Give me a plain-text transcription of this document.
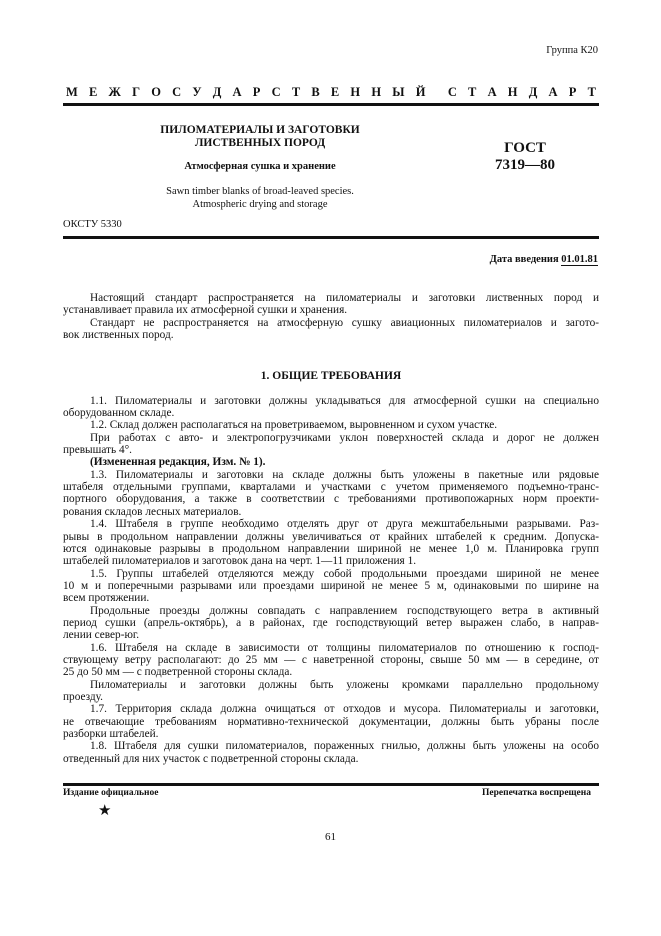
Группа К20
М Е Ж Г О С У Д А Р С Т В Е Н Н Ы Й С Т А Н Д А Р Т
ПИЛОМАТЕРИАЛЫ И ЗАГОТОВКИ
ЛИСТВЕННЫХ ПОРОД
Атмосферная сушка и хранение
Sawn timber blanks of broad-leaved species.
Atmospheric drying and storage
ГОСТ
7319—80
ОКСТУ 5330
Дата введения 01.01.81
Настоящий стандарт распространяется на пиломатериалы и заготовки лиственных пород и
устанавливает правила их атмосферной сушки и хранения.
Стандарт не распространяется на атмосферную сушку авиационных пиломатериалов и загото-
вок лиственных пород.
1. ОБЩИЕ ТРЕБОВАНИЯ
1.1. Пиломатериалы и заготовки должны укладываться для атмосферной сушки на специально
оборудованном складе.
1.2. Склад должен располагаться на проветриваемом, выровненном и сухом участке.
При работах с авто- и электропогрузчиками уклон поверхностей склада и дорог не должен
превышать 4°.
(Измененная редакция, Изм. № 1).
1.3. Пиломатериалы и заготовки на складе должны быть уложены в пакетные или рядовые
штабеля отдельными группами, кварталами и участками с учетом применяемого подъемно-транс-
портного оборудования, а также в соответствии с требованиями противопожарных норм проекти-
рования складов лесных материалов.
1.4. Штабеля в группе необходимо отделять друг от друга межштабельными разрывами. Раз-
рывы в продольном направлении должны увеличиваться от крайних штабелей к средним. Допуска-
ются одинаковые разрывы в продольном направлении шириной не менее 1,0 м. Планировка групп
штабелей пиломатериалов и заготовок дана на черт. 1—11 приложения 1.
1.5. Группы штабелей отделяются между собой продольными проездами шириной не менее
10 м и поперечными разрывами или проездами шириной не менее 5 м, одинаковыми по ширине на
всем протяжении.
Продольные проезды должны совпадать с направлением господствующего ветра в активный
период сушки (апрель-октябрь), а в районах, где господствующий ветер выражен слабо, в направ-
лении север-юг.
1.6. Штабеля на складе в зависимости от толщины пиломатериалов по отношению к господ-
ствующему ветру располагают: до 25 мм — с наветренной стороны, свыше 50 мм — в середине, от
25 до 50 мм — с подветренной стороны склада.
Пиломатериалы и заготовки должны быть уложены кромками параллельно продольному
проезду.
1.7. Территория склада должна очищаться от отходов и мусора. Пиломатериалы и заготовки,
не отвечающие требованиям нормативно-технической документации, должны быть убраны после
разборки штабелей.
1.8. Штабеля для сушки пиломатериалов, пораженных гнилью, должны быть уложены на особо
отведенный для них участок с подветренной стороны склада.
Издание официальное	Перепечатка воспрещена
★
61
